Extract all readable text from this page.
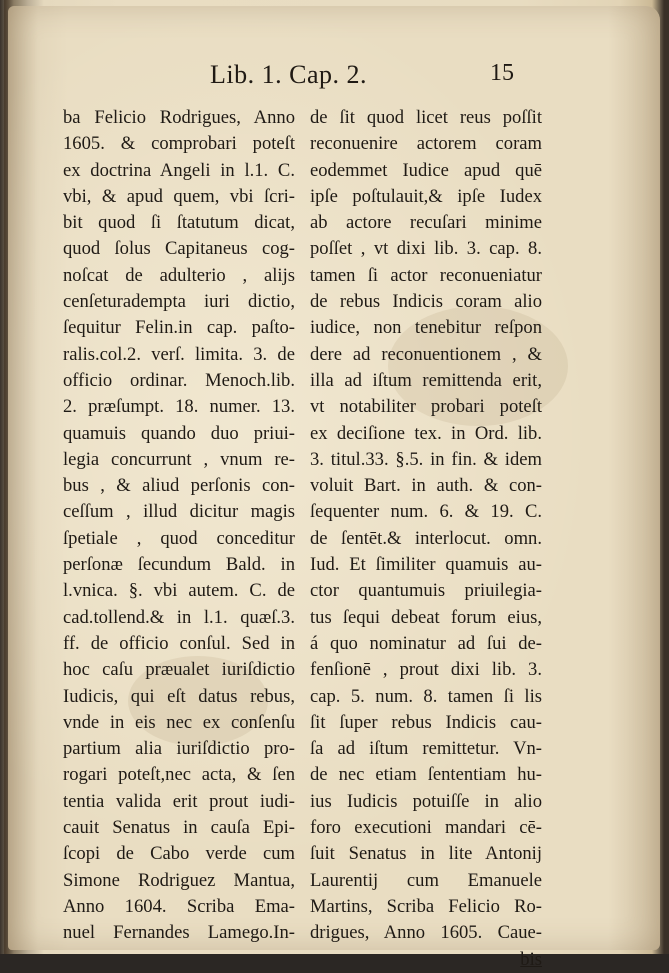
Lib. 1. Cap. 2.	15
ba Felicio Rodrigues, Anno
1605. & comprobari poteſt
ex doctrina Angeli in l.1. C.
vbi, & apud quem, vbi ſcri-
bit quod ſi ſtatutum dicat,
quod ſolus Capitaneus cog-
noſcat de adulterio , alijs
cenſeturadempta iuri dictio,
ſequitur Felin.in cap. paſto-
ralis.col.2. verſ. limita. 3. de
officio ordinar. Menoch.lib.
2. præſumpt. 18. numer. 13.
quamuis quando duo priui-
legia concurrunt , vnum re-
bus , & aliud perſonis con-
ceſſum , illud dicitur magis
ſpetiale , quod conceditur
perſonæ ſecundum Bald. in
l.vnica. §. vbi autem. C. de
cad.tollend.& in l.1. quæſ.3.
ff. de officio conſul. Sed in
hoc caſu præualet iuriſdictio
Iudicis, qui eſt datus rebus,
vnde in eis nec ex conſenſu
partium alia iuriſdictio pro-
rogari poteſt,nec acta, & ſen
tentia valida erit prout iudi-
cauit Senatus in cauſa Epi-
ſcopi de Cabo verde cum
Simone Rodriguez Mantua,
Anno 1604. Scriba Ema-
nuel Fernandes Lamego.In-
de ſit quod licet reus poſſit
reconuenire actorem coram
eodemmet Iudice apud quē
ipſe poſtulauit,& ipſe Iudex
ab actore recuſari minime
poſſet , vt dixi lib. 3. cap. 8.
tamen ſi actor reconueniatur
de rebus Indicis coram alio
iudice, non tenebitur reſpon
dere ad reconuentionem , &
illa ad iſtum remittenda erit,
vt notabiliter probari poteſt
ex deciſione tex. in Ord. lib.
3. titul.33. §.5. in fin. & idem
voluit Bart. in auth. & con-
ſequenter num. 6. & 19. C.
de ſentēt.& interlocut. omn.
Iud. Et ſimiliter quamuis au-
ctor quantumuis priuilegia-
tus ſequi debeat forum eius,
á quo nominatur ad ſui de-
fenſionē , prout dixi lib. 3.
cap. 5. num. 8. tamen ſi lis
ſit ſuper rebus Indicis cau-
ſa ad iſtum remittetur. Vn-
de nec etiam ſententiam hu-
ius Iudicis potuiſſe in alio
foro executioni mandari cē-
ſuit Senatus in lite Antonij
Laurentij cum Emanuele
Martins, Scriba Felicio Ro-
drigues, Anno 1605. Caue-
bis
